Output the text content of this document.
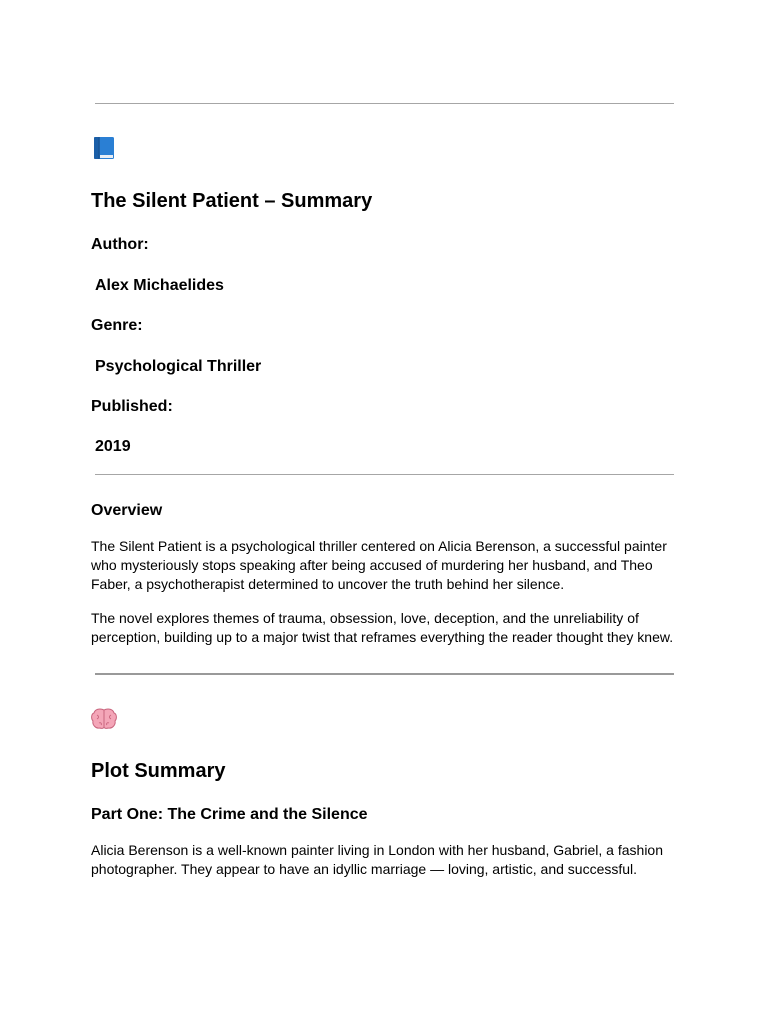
The Silent Patient – Summary
Author:
Alex Michaelides
Genre:
Psychological Thriller
Published:
2019
Overview

The Silent Patient is a psychological thriller centered on Alicia Berenson, a successful painter who mysteriously stops speaking after being accused of murdering her husband, and Theo Faber, a psychotherapist determined to uncover the truth behind her silence.

The novel explores themes of trauma, obsession, love, deception, and the unreliability of perception, building up to a major twist that reframes everything the reader thought they knew.

Plot Summary
Part One: The Crime and the Silence

Alicia Berenson is a well-known painter living in London with her husband, Gabriel, a fashion photographer. They appear to have an idyllic marriage — loving, artistic, and successful.
